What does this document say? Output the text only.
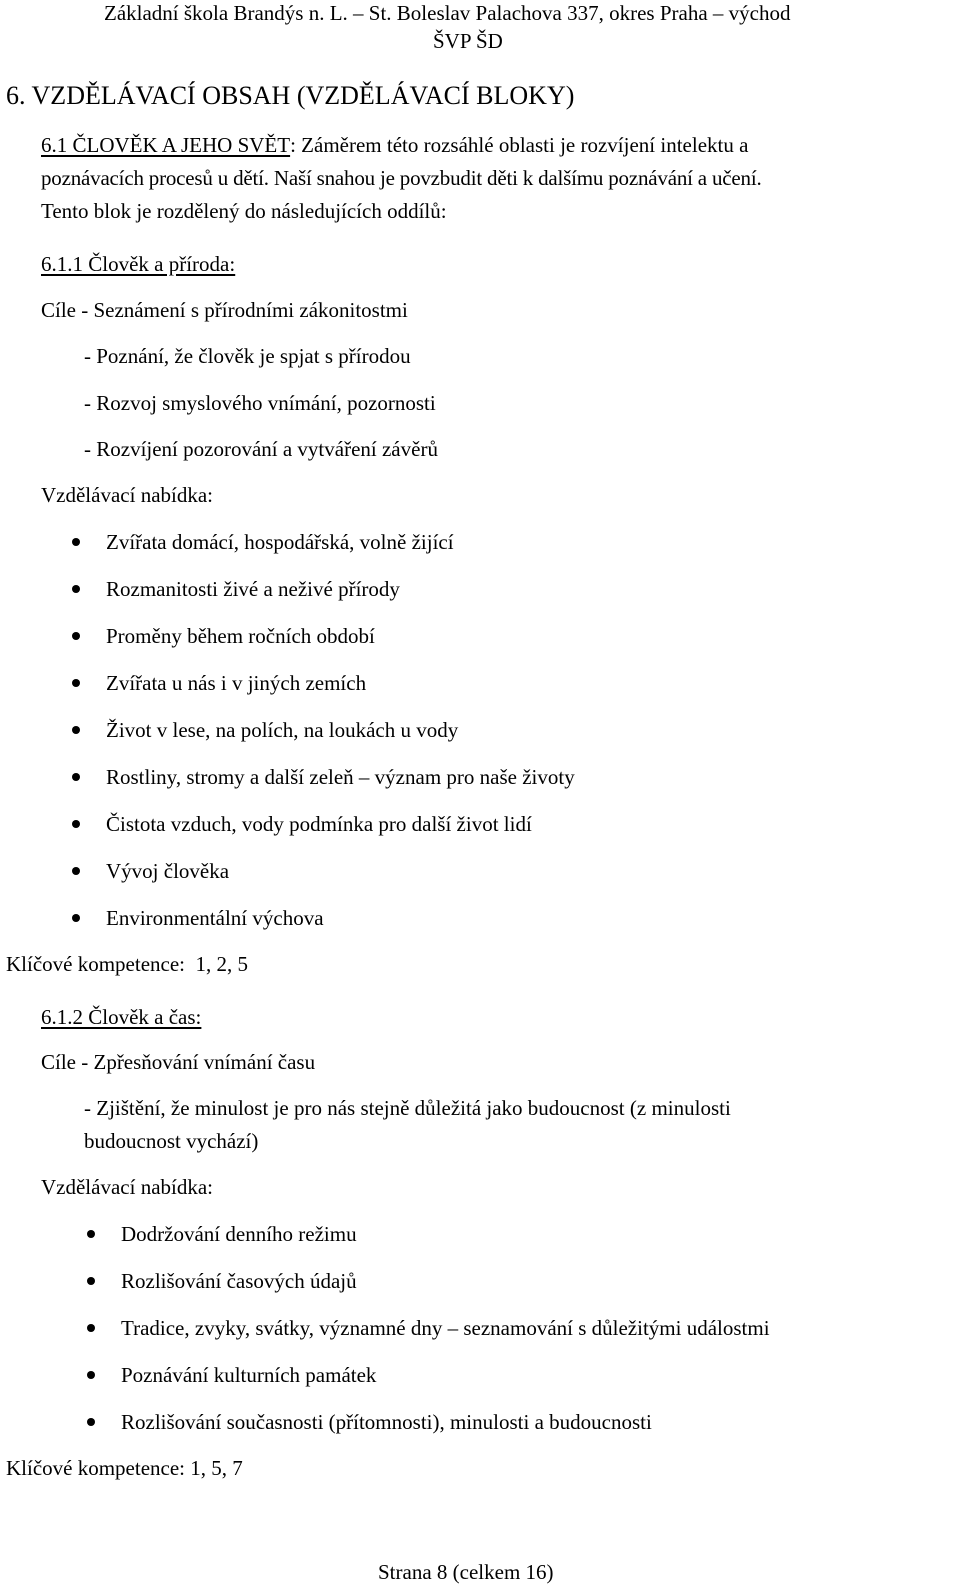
Základní škola Brandýs n. L. – St. Boleslav Palachova 337, okres Praha – východ
ŠVP ŠD
6. VZDĚLÁVACÍ OBSAH (VZDĚLÁVACÍ BLOKY)
6.1 ČLOVĚK A JEHO SVĚT : Záměrem této rozsáhlé oblasti je rozvíjení intelektu a
poznávacích procesů u dětí. Naší snahou je povzbudit děti k dalšímu poznávání a učení.
Tento blok je rozdělený do následujících oddílů:
6.1.1 Člověk a příroda:
Cíle - Seznámení s přírodními zákonitostmi
- Poznání, že člověk je spjat s přírodou
- Rozvoj smyslového vnímání, pozornosti
- Rozvíjení pozorování a vytváření závěrů
Vzdělávací nabídka:
Zvířata domácí, hospodářská, volně žijící
Rozmanitosti živé a neživé přírody
Proměny během ročních období
Zvířata u nás i v jiných zemích
Život v lese, na polích, na loukách u vody
Rostliny, stromy a další zeleň – význam pro naše životy
Čistota vzduch, vody podmínka pro další život lidí
Vývoj člověka
Environmentální výchova
Klíčové kompetence:  1, 2, 5
6.1.2 Člověk a čas:
Cíle - Zpřesňování vnímání času
- Zjištění, že minulost je pro nás stejně důležitá jako budoucnost (z minulosti
budoucnost vychází)
Vzdělávací nabídka:
Dodržování denního režimu
Rozlišování časových údajů
Tradice, zvyky, svátky, významné dny – seznamování s důležitými událostmi
Poznávání kulturních památek
Rozlišování současnosti (přítomnosti), minulosti a budoucnosti
Klíčové kompetence: 1, 5, 7
Strana 8 (celkem 16)
